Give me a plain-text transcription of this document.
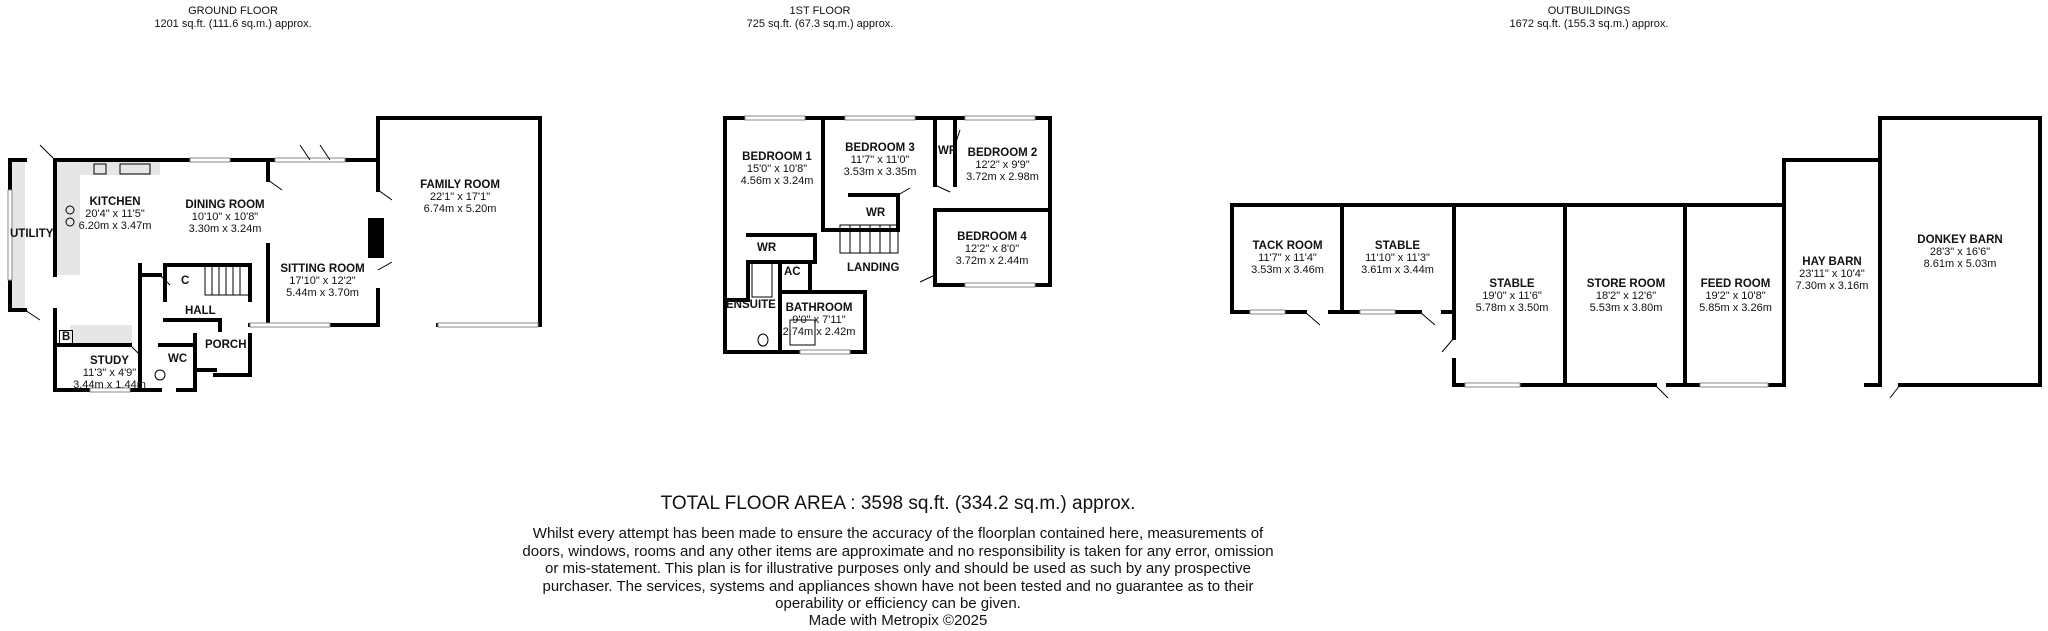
GROUND FLOOR
1201 sq.ft. (111.6 sq.m.) approx.
1ST FLOOR
725 sq.ft. (67.3 sq.m.) approx.
OUTBUILDINGS
1672 sq.ft. (155.3 sq.m.) approx.
UTILITY
KITCHEN
20'4" x 11'5"
6.20m x 3.47m
DINING ROOM
10'10" x 10'8"
3.30m x 3.24m
FAMILY ROOM
22'1" x 17'1"
6.74m x 5.20m
SITTING ROOM
17'10" x 12'2"
5.44m x 3.70m
C
HALL
B
STUDY
11'3" x 4'9"
3.44m x 1.44m
WC
PORCH
BEDROOM 1
15'0" x 10'8"
4.56m x 3.24m
BEDROOM 3
11'7" x 11'0"
3.53m x 3.35m
BEDROOM 2
12'2" x 9'9"
3.72m x 2.98m
WR
BEDROOM 4
12'2" x 8'0"
3.72m x 2.44m
WR
WR
LANDING
AC
ENSUITE BATHROOM
9'0" x 7'11"
2.74m x 2.42m
TACK ROOM
11'7" x 11'4"
3.53m x 3.46m
STABLE
11'10" x 11'3"
3.61m x 3.44m
STABLE
19'0" x 11'6"
5.78m x 3.50m
STORE ROOM
18'2" x 12'6"
5.53m x 3.80m
FEED ROOM
19'2" x 10'8"
5.85m x 3.26m
HAY BARN
23'11" x 10'4"
7.30m x 3.16m
DONKEY BARN
28'3" x 16'6"
8.61m x 5.03m
TOTAL FLOOR AREA : 3598 sq.ft. (334.2 sq.m.) approx.
Whilst every attempt has been made to ensure the accuracy of the floorplan contained here, measurements of doors, windows, rooms and any other items are approximate and no responsibility is taken for any error, omission or mis-statement. This plan is for illustrative purposes only and should be used as such by any prospective purchaser. The services, systems and appliances shown have not been tested and no guarantee as to their operability or efficiency can be given.
Made with Metropix ©2025
